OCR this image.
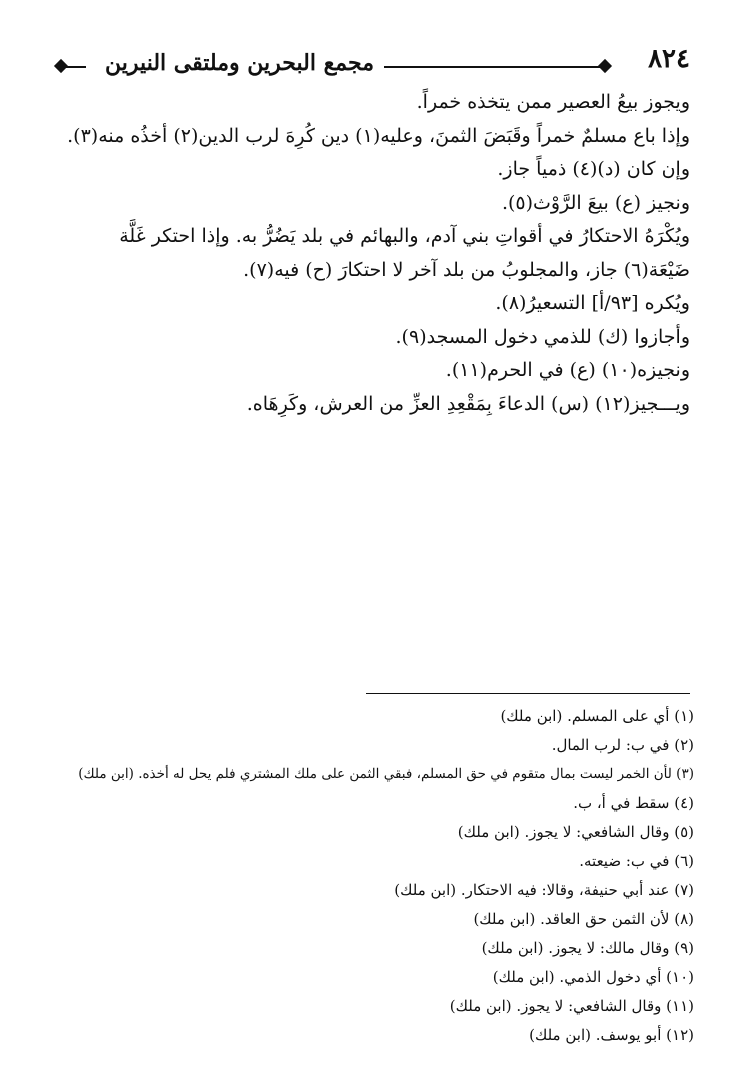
٨٢٤
مجمع البحرين وملتقى النيرين

ويجوز بيعُ العصير ممن يتخذه خمراً.

وإذا باع مسلمٌ خمراً وقَبَضَ الثمنَ، وعليه(١) دين كُرِهَ لرب الدين(٢) أخذُه منه(٣).

وإن كان (د)(٤) ذمياً جاز.

ونجيز (ع) بيعَ الرَّوْث(٥).

ويُكْرَهُ الاحتكارُ في أقواتِ بني آدم، والبهائم في بلد يَضُرُّ به. وإذا احتكر غَلَّة

ضَيْعَة(٦) جاز، والمجلوبُ من بلد آخر لا احتكارَ (ح) فيه(٧).

ويُكره [٩٣/أ] التسعيرُ(٨).

وأجازوا (ك) للذمي دخول المسجد(٩).

ونجيزه(١٠) (ع) في الحرم(١١).

ويـــجيز(١٢) (س) الدعاءَ بِمَقْعِدِ العزِّ من العرش، وكَرِهَاه.

(١) أي على المسلم. (ابن ملك)
(٢) في ب: لرب المال.
(٣) لأن الخمر ليست بمال متقوم في حق المسلم، فبقي الثمن على ملك المشتري فلم يحل له أخذه. (ابن ملك)
(٤) سقط في أ، ب.
(٥) وقال الشافعي: لا يجوز. (ابن ملك)
(٦) في ب: ضيعته.
(٧) عند أبي حنيفة، وقالا: فيه الاحتكار. (ابن ملك)
(٨) لأن الثمن حق العاقد. (ابن ملك)
(٩) وقال مالك: لا يجوز. (ابن ملك)
(١٠) أي دخول الذمي. (ابن ملك)
(١١) وقال الشافعي: لا يجوز. (ابن ملك)
(١٢) أبو يوسف. (ابن ملك)
